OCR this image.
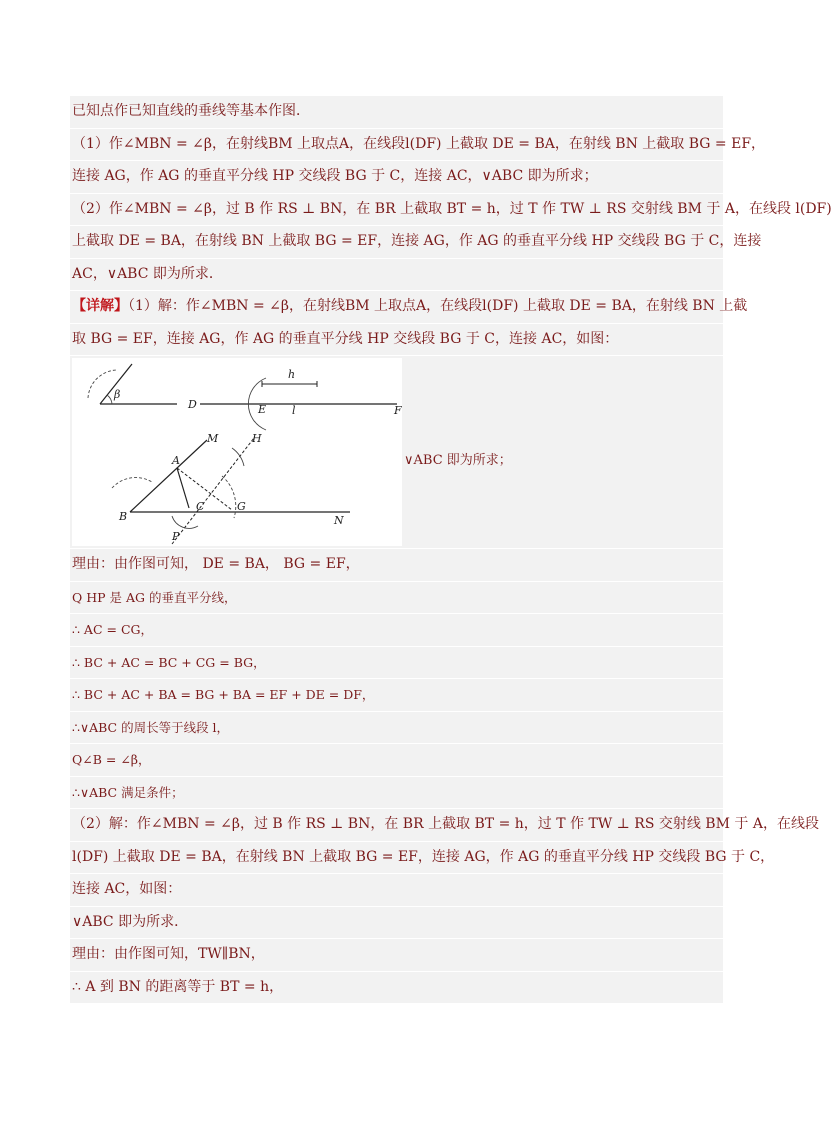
已知点作已知直线的垂线等基本作图．
（1）作∠MBN = ∠β，在射线BM 上取点A，在线段l(DF) 上截取 DE = BA，在射线 BN 上截取 BG = EF，
连接 AG，作 AG 的垂直平分线 HP 交线段 BG 于 C，连接 AC，∨ABC 即为所求；
（2）作∠MBN = ∠β，过 B 作 RS ⊥ BN，在 BR 上截取 BT = h，过 T 作 TW ⊥ RS 交射线 BM 于 A，在线段 l(DF)
上截取 DE = BA，在射线 BN 上截取 BG = EF，连接 AG，作 AG 的垂直平分线 HP 交线段 BG 于 C，连接
AC，∨ABC 即为所求．
【详解】（1）解：作∠MBN = ∠β，在射线BM 上取点A，在线段l(DF) 上截取 DE = BA，在射线 BN 上截
取 BG = EF，连接 AG，作 AG 的垂直平分线 HP 交线段 BG 于 C，连接 AC，如图：
β
D	E	F
l
h
M	H
A
B
C	G
N
P
∨ABC 即为所求；
理由：由作图可知， DE = BA， BG = EF，
Q HP 是 AG 的垂直平分线，
∴ AC = CG，
∴ BC + AC = BC + CG = BG，
∴ BC + AC + BA = BG + BA = EF + DE = DF，
∴∨ABC 的周长等于线段 l，
Q∠B = ∠β，
∴∨ABC 满足条件；
（2）解：作∠MBN = ∠β，过 B 作 RS ⊥ BN，在 BR 上截取 BT = h，过 T 作 TW ⊥ RS 交射线 BM 于 A，在线段
l(DF) 上截取 DE = BA，在射线 BN 上截取 BG = EF，连接 AG，作 AG 的垂直平分线 HP 交线段 BG 于 C，
连接 AC，如图：
∨ABC 即为所求．
理由：由作图可知，TW∥BN，
∴ A 到 BN 的距离等于 BT = h，
